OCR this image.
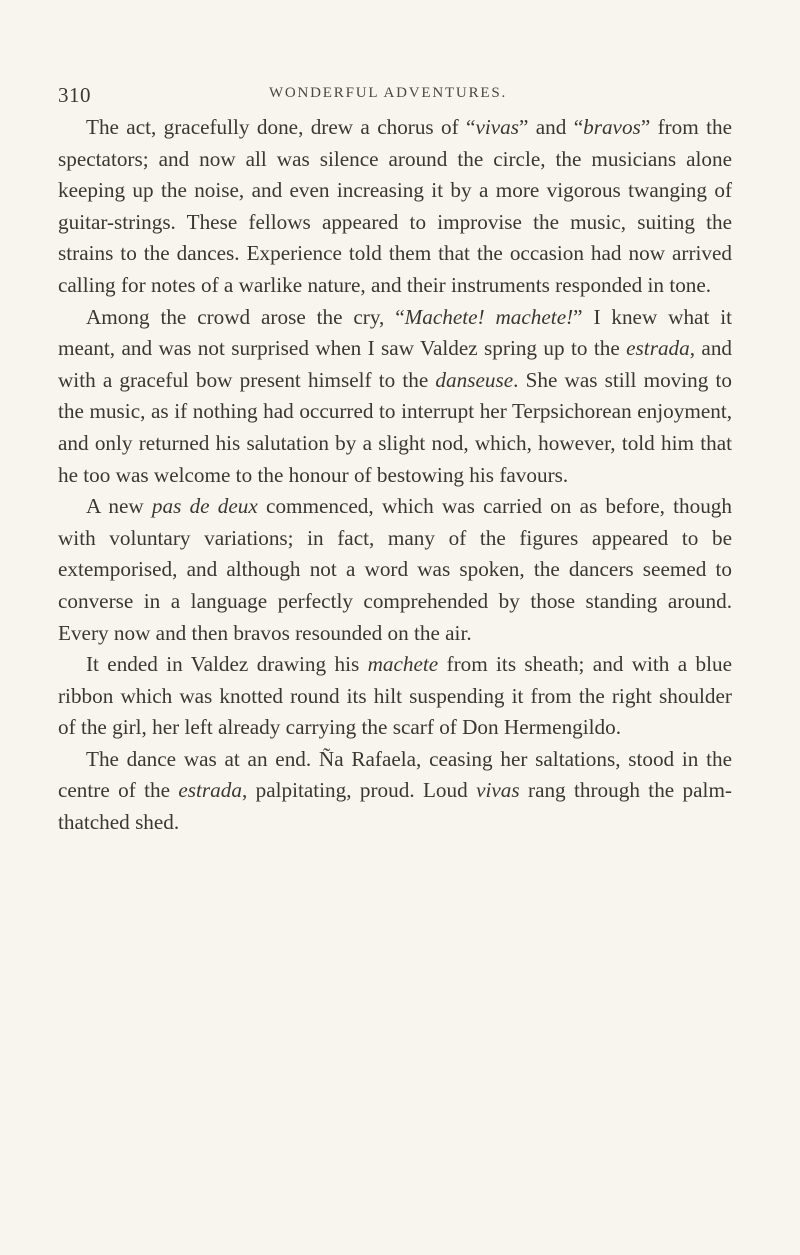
310	WONDERFUL ADVENTURES.

The act, gracefully done, drew a chorus of “vivas” and “bravos” from the spectators; and now all was silence around the circle, the musicians alone keeping up the noise, and even increasing it by a more vigorous twanging of guitar-strings. These fellows appeared to improvise the music, suiting the strains to the dances. Experience told them that the occasion had now arrived calling for notes of a warlike nature, and their instruments responded in tone.

Among the crowd arose the cry, “Machete! machete!” I knew what it meant, and was not surprised when I saw Valdez spring up to the estrada, and with a graceful bow present himself to the danseuse. She was still moving to the music, as if nothing had occurred to interrupt her Terpsichorean enjoyment, and only returned his salutation by a slight nod, which, however, told him that he too was welcome to the honour of bestowing his favours.

A new pas de deux commenced, which was carried on as before, though with voluntary variations; in fact, many of the figures appeared to be extemporised, and although not a word was spoken, the dancers seemed to converse in a language perfectly comprehended by those standing around. Every now and then bravos resounded on the air.

It ended in Valdez drawing his machete from its sheath; and with a blue ribbon which was knotted round its hilt suspending it from the right shoulder of the girl, her left already carrying the scarf of Don Hermengildo.

The dance was at an end. Ña Rafaela, ceasing her saltations, stood in the centre of the estrada, palpitating, proud. Loud vivas rang through the palm-thatched shed.
